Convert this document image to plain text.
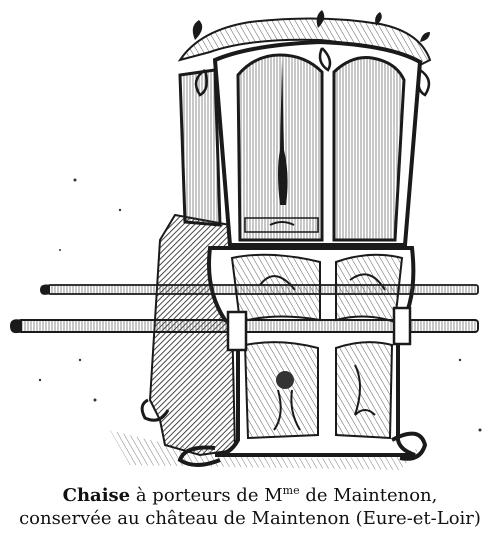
Chaise à porteurs de $M^{me}$ de Maintenon,
conservée au château de Maintenon (Eure-et-Loir)
